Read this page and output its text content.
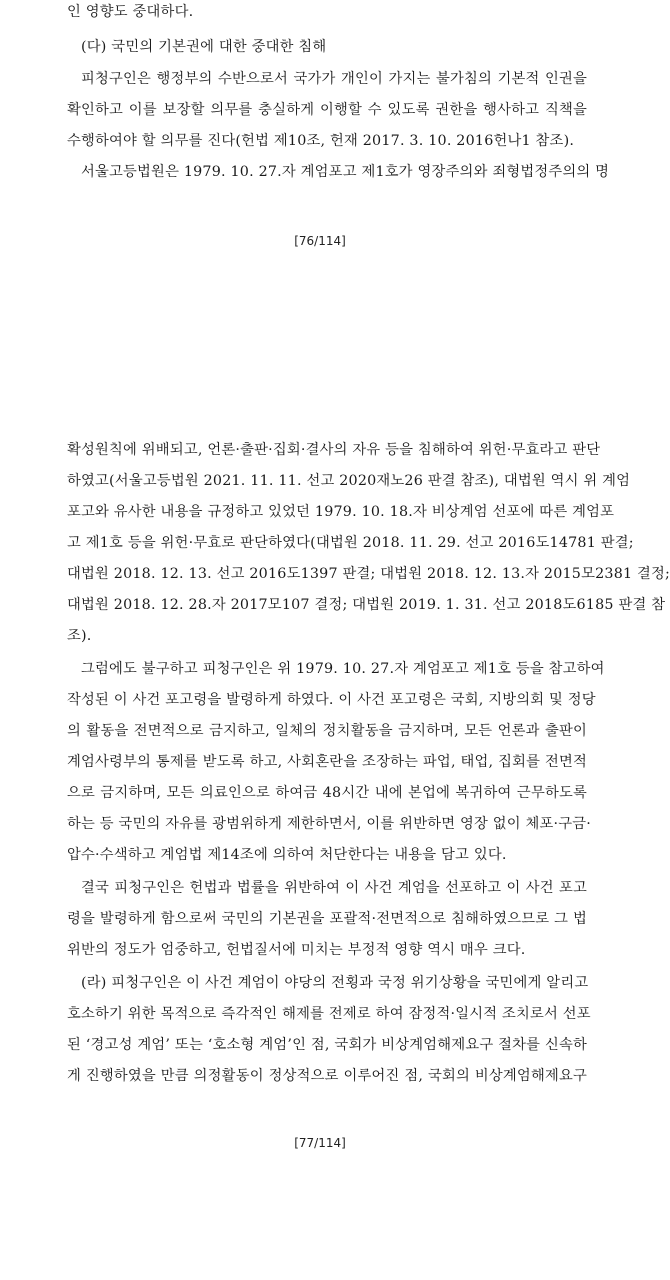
인 영향도 중대하다.
(다) 국민의 기본권에 대한 중대한 침해
피청구인은 행정부의 수반으로서 국가가 개인이 가지는 불가침의 기본적 인권을
확인하고 이를 보장할 의무를 충실하게 이행할 수 있도록 권한을 행사하고 직책을
수행하여야 할 의무를 진다(헌법 제10조, 헌재 2017. 3. 10. 2016헌나1 참조).
서울고등법원은 1979. 10. 27.자 계엄포고 제1호가 영장주의와 죄형법정주의의 명
[76/114]
확성원칙에 위배되고, 언론·출판·집회·결사의 자유 등을 침해하여 위헌·무효라고 판단
하였고(서울고등법원 2021. 11. 11. 선고 2020재노26 판결 참조), 대법원 역시 위 계엄
포고와 유사한 내용을 규정하고 있었던 1979. 10. 18.자 비상계엄 선포에 따른 계엄포
고 제1호 등을 위헌·무효로 판단하였다(대법원 2018. 11. 29. 선고 2016도14781 판결;
대법원 2018. 12. 13. 선고 2016도1397 판결; 대법원 2018. 12. 13.자 2015모2381 결정;
대법원 2018. 12. 28.자 2017모107 결정; 대법원 2019. 1. 31. 선고 2018도6185 판결 참
조).
그럼에도 불구하고 피청구인은 위 1979. 10. 27.자 계엄포고 제1호 등을 참고하여
작성된 이 사건 포고령을 발령하게 하였다. 이 사건 포고령은 국회, 지방의회 및 정당
의 활동을 전면적으로 금지하고, 일체의 정치활동을 금지하며, 모든 언론과 출판이
계엄사령부의 통제를 받도록 하고, 사회혼란을 조장하는 파업, 태업, 집회를 전면적
으로 금지하며, 모든 의료인으로 하여금 48시간 내에 본업에 복귀하여 근무하도록
하는 등 국민의 자유를 광범위하게 제한하면서, 이를 위반하면 영장 없이 체포·구금·
압수·수색하고 계엄법 제14조에 의하여 처단한다는 내용을 담고 있다.
결국 피청구인은 헌법과 법률을 위반하여 이 사건 계엄을 선포하고 이 사건 포고
령을 발령하게 함으로써 국민의 기본권을 포괄적·전면적으로 침해하였으므로 그 법
위반의 정도가 엄중하고, 헌법질서에 미치는 부정적 영향 역시 매우 크다.
(라) 피청구인은 이 사건 계엄이 야당의 전횡과 국정 위기상황을 국민에게 알리고
호소하기 위한 목적으로 즉각적인 해제를 전제로 하여 잠정적·일시적 조치로서 선포
된 ‘경고성 계엄’ 또는 ‘호소형 계엄’인 점, 국회가 비상계엄해제요구 절차를 신속하
게 진행하였을 만큼 의정활동이 정상적으로 이루어진 점, 국회의 비상계엄해제요구
[77/114]
